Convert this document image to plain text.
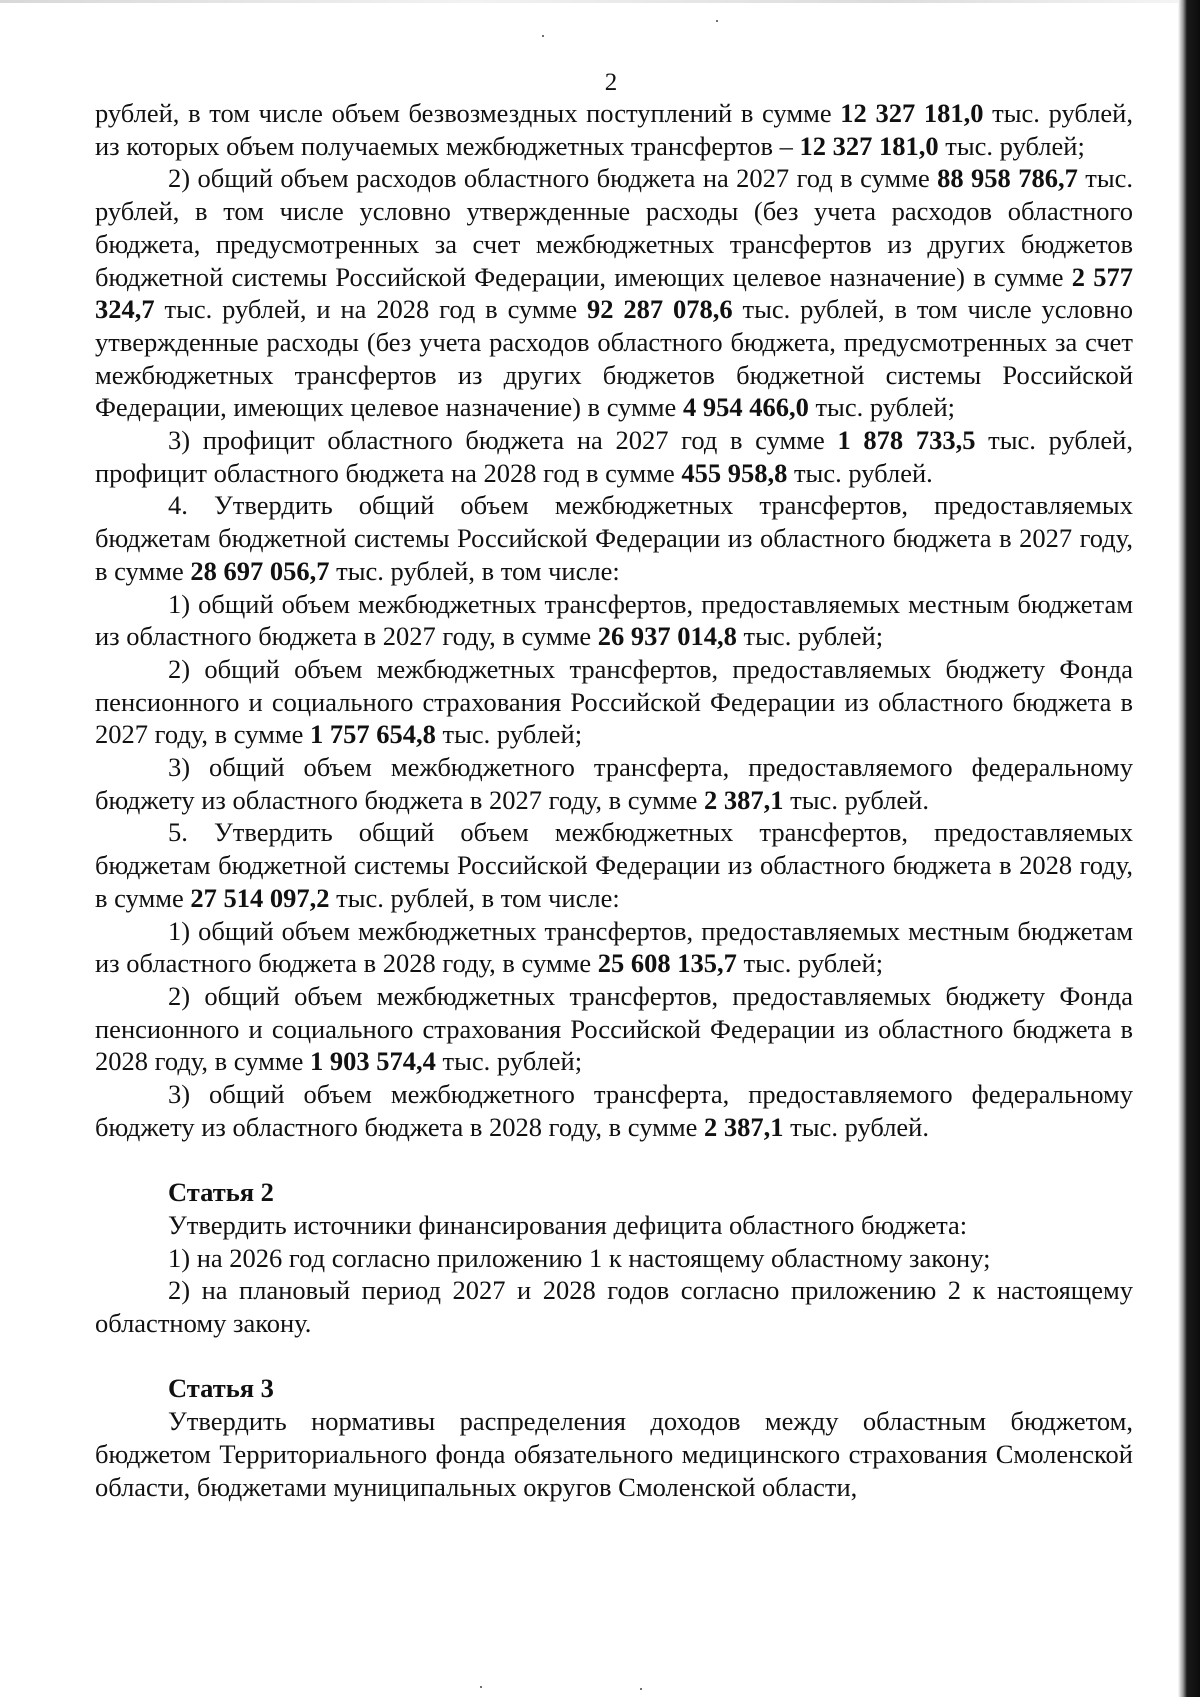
2

рублей, в том числе объем безвозмездных поступлений в сумме 12 327 181,0 тыс. рублей, из которых объем получаемых межбюджетных трансфертов – 12 327 181,0 тыс. рублей;

2) общий объем расходов областного бюджета на 2027 год в сумме 88 958 786,7 тыс. рублей, в том числе условно утвержденные расходы (без учета расходов областного бюджета, предусмотренных за счет межбюджетных трансфертов из других бюджетов бюджетной системы Российской Федерации, имеющих целевое назначение) в сумме 2 577 324,7 тыс. рублей, и на 2028 год в сумме 92 287 078,6 тыс. рублей, в том числе условно утвержденные расходы (без учета расходов областного бюджета, предусмотренных за счет межбюджетных трансфертов из других бюджетов бюджетной системы Российской Федерации, имеющих целевое назначение) в сумме 4 954 466,0 тыс. рублей;

3) профицит областного бюджета на 2027 год в сумме 1 878 733,5 тыс. рублей, профицит областного бюджета на 2028 год в сумме 455 958,8 тыс. рублей.

4. Утвердить общий объем межбюджетных трансфертов, предоставляемых бюджетам бюджетной системы Российской Федерации из областного бюджета в 2027 году, в сумме 28 697 056,7 тыс. рублей, в том числе:

1) общий объем межбюджетных трансфертов, предоставляемых местным бюджетам из областного бюджета в 2027 году, в сумме 26 937 014,8 тыс. рублей;

2) общий объем межбюджетных трансфертов, предоставляемых бюджету Фонда пенсионного и социального страхования Российской Федерации из областного бюджета в 2027 году, в сумме 1 757 654,8 тыс. рублей;

3) общий объем межбюджетного трансферта, предоставляемого федеральному бюджету из областного бюджета в 2027 году, в сумме 2 387,1 тыс. рублей.

5. Утвердить общий объем межбюджетных трансфертов, предоставляемых бюджетам бюджетной системы Российской Федерации из областного бюджета в 2028 году, в сумме 27 514 097,2 тыс. рублей, в том числе:

1) общий объем межбюджетных трансфертов, предоставляемых местным бюджетам из областного бюджета в 2028 году, в сумме 25 608 135,7 тыс. рублей;

2) общий объем межбюджетных трансфертов, предоставляемых бюджету Фонда пенсионного и социального страхования Российской Федерации из областного бюджета в 2028 году, в сумме 1 903 574,4 тыс. рублей;

3) общий объем межбюджетного трансферта, предоставляемого федеральному бюджету из областного бюджета в 2028 году, в сумме 2 387,1 тыс. рублей.

Статья 2

Утвердить источники финансирования дефицита областного бюджета:

1) на 2026 год согласно приложению 1 к настоящему областному закону;

2) на плановый период 2027 и 2028 годов согласно приложению 2 к настоящему областному закону.

Статья 3

Утвердить нормативы распределения доходов между областным бюджетом, бюджетом Территориального фонда обязательного медицинского страхования Смоленской области, бюджетами муниципальных округов Смоленской области,
